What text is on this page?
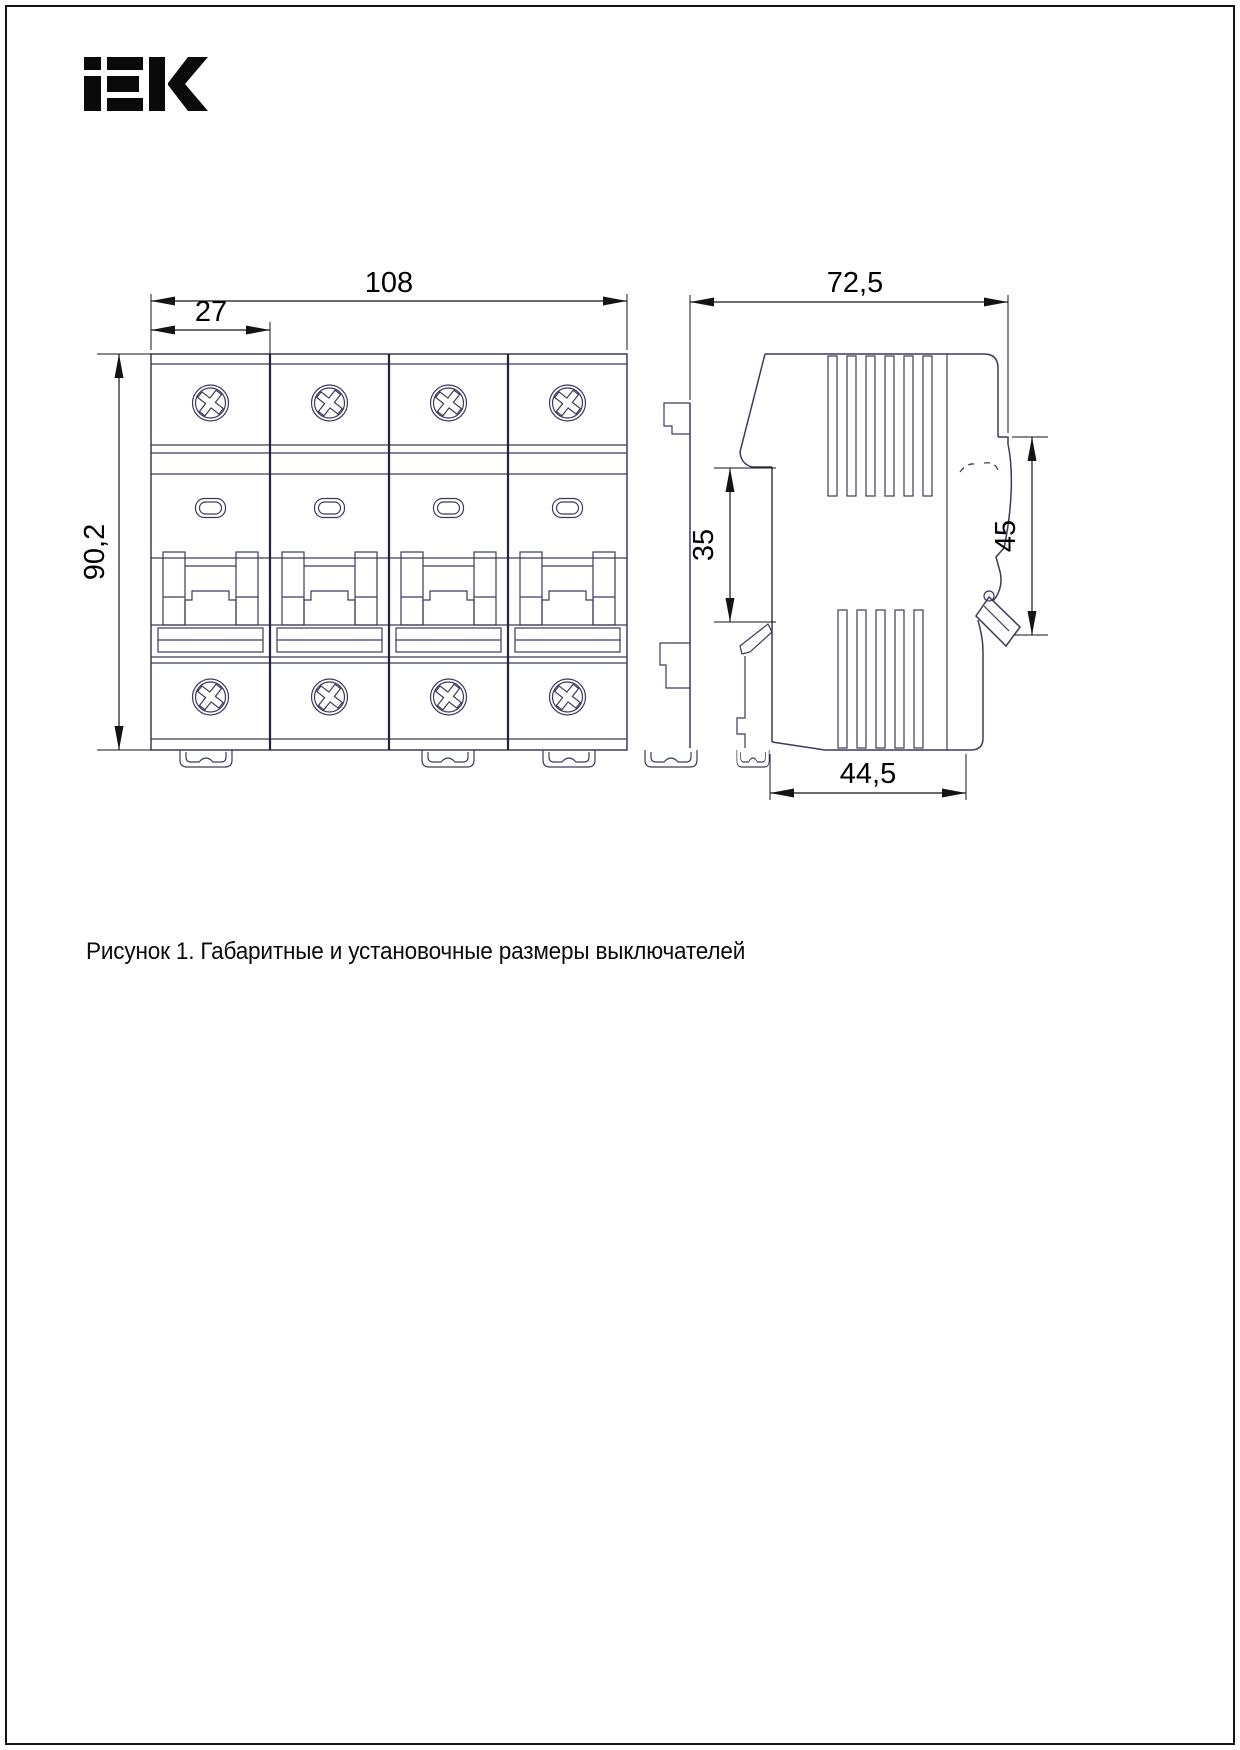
108
27
90,2
72,5
35	45
44,5
Рисунок 1. Габаритные и установочные размеры выключателей
